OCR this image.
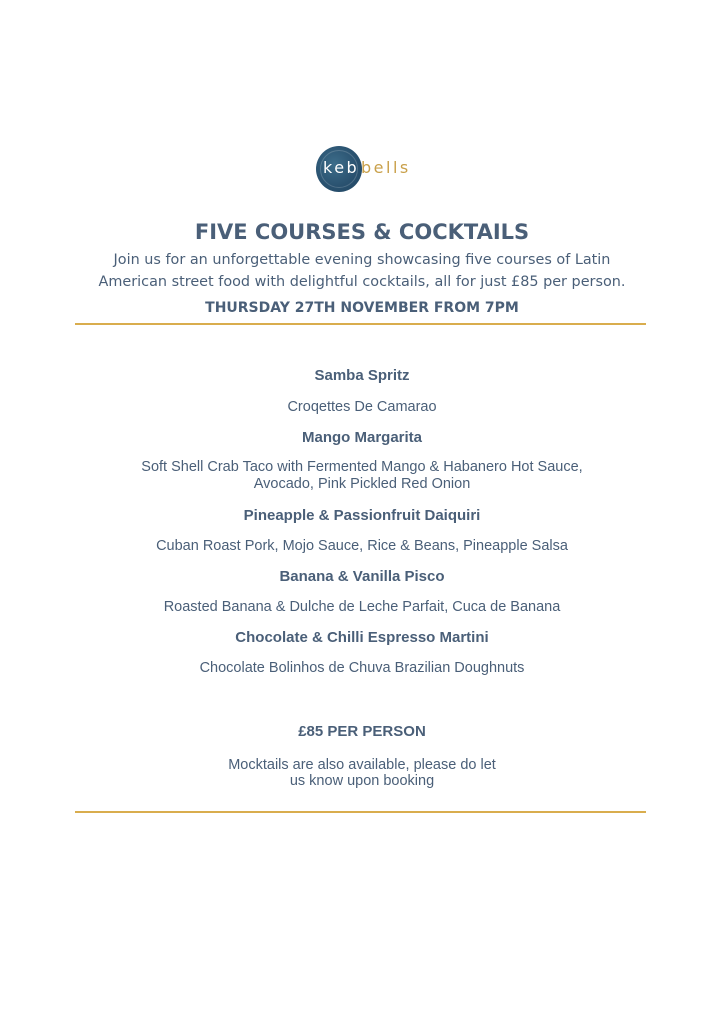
keb bells
FIVE COURSES & COCKTAILS
Join us for an unforgettable evening showcasing five courses of Latin
American street food with delightful cocktails, all for just £85 per person.
THURSDAY 27TH NOVEMBER FROM 7PM
Samba Spritz
Croqettes De Camarao
Mango Margarita
Soft Shell Crab Taco with Fermented Mango & Habanero Hot Sauce,
Avocado, Pink Pickled Red Onion
Pineapple & Passionfruit Daiquiri
Cuban Roast Pork, Mojo Sauce, Rice & Beans, Pineapple Salsa
Banana & Vanilla Pisco
Roasted Banana & Dulche de Leche Parfait, Cuca de Banana
Chocolate & Chilli Espresso Martini
Chocolate Bolinhos de Chuva Brazilian Doughnuts
£85 PER PERSON
Mocktails are also available, please do let
us know upon booking
